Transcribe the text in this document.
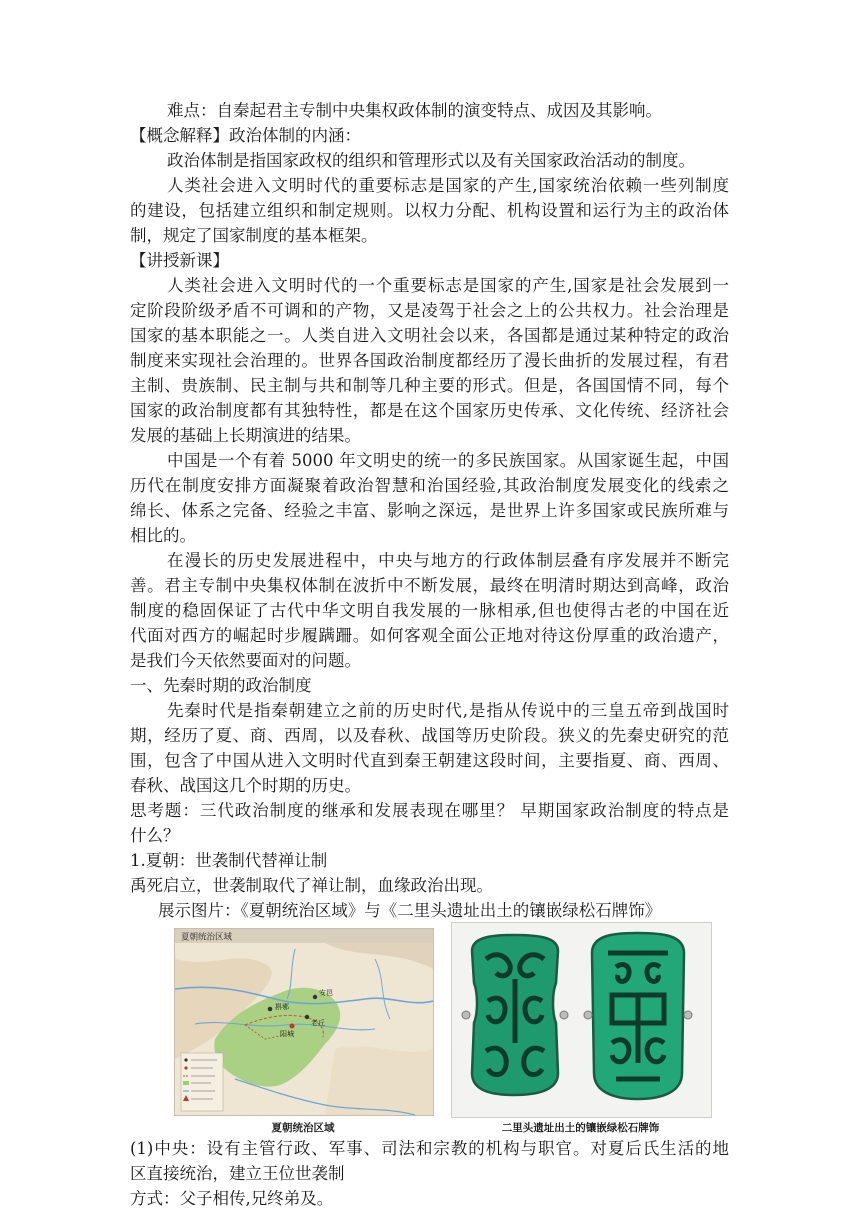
难点：自秦起君主专制中央集权政体制的演变特点、成因及其影响。
【概念解释】政治体制的内涵：
政治体制是指国家政权的组织和管理形式以及有关国家政治活动的制度。
人类社会进入文明时代的重要标志是国家的产生,国家统治依赖一些列制度
的建设，包括建立组织和制定规则。以权力分配、机构设置和运行为主的政治体
制，规定了国家制度的基本框架。
【讲授新课】
人类社会进入文明时代的一个重要标志是国家的产生,国家是社会发展到一
定阶段阶级矛盾不可调和的产物，又是凌驾于社会之上的公共权力。社会治理是
国家的基本职能之一。人类自进入文明社会以来，各国都是通过某种特定的政治
制度来实现社会治理的。世界各国政治制度都经历了漫长曲折的发展过程，有君
主制、贵族制、民主制与共和制等几种主要的形式。但是，各国国情不同，每个
国家的政治制度都有其独特性，都是在这个国家历史传承、文化传统、经济社会
发展的基础上长期演进的结果。
中国是一个有着 5000 年文明史的统一的多民族国家。从国家诞生起，中国
历代在制度安排方面凝聚着政治智慧和治国经验,其政治制度发展变化的线索之
绵长、体系之完备、经验之丰富、影响之深远，是世界上许多国家或民族所难与
相比的。
在漫长的历史发展进程中，中央与地方的行政体制层叠有序发展并不断完
善。君主专制中央集权体制在波折中不断发展，最终在明清时期达到高峰，政治
制度的稳固保证了古代中华文明自我发展的一脉相承,但也使得古老的中国在近
代面对西方的崛起时步履蹒跚。如何客观全面公正地对待这份厚重的政治遗产，
是我们今天依然要面对的问题。
一、先秦时期的政治制度
先秦时代是指秦朝建立之前的历史时代,是指从传说中的三皇五帝到战国时
期，经历了夏、商、西周，以及春秋、战国等历史阶段。狭义的先秦史研究的范
围，包含了中国从进入文明时代直到秦王朝建这段时间，主要指夏、商、西周、
春秋、战国这几个时期的历史。
思考题：三代政治制度的继承和发展表现在哪里？ 早期国家政治制度的特点是
什么？
1.夏朝：世袭制代替禅让制
禹死启立，世袭制取代了禅让制，血缘政治出现。
展示图片：《夏朝统治区域》与《二里头遗址出土的镶嵌绿松石牌饰》
夏朝统治区域
斟鄩
阳城
老丘
安邑
夏朝统治区域	二里头遗址出土的镶嵌绿松石牌饰
(1)中央：设有主管行政、军事、司法和宗教的机构与职官。对夏后氏生活的地
区直接统治，建立王位世袭制
方式：父子相传,兄终弟及。
